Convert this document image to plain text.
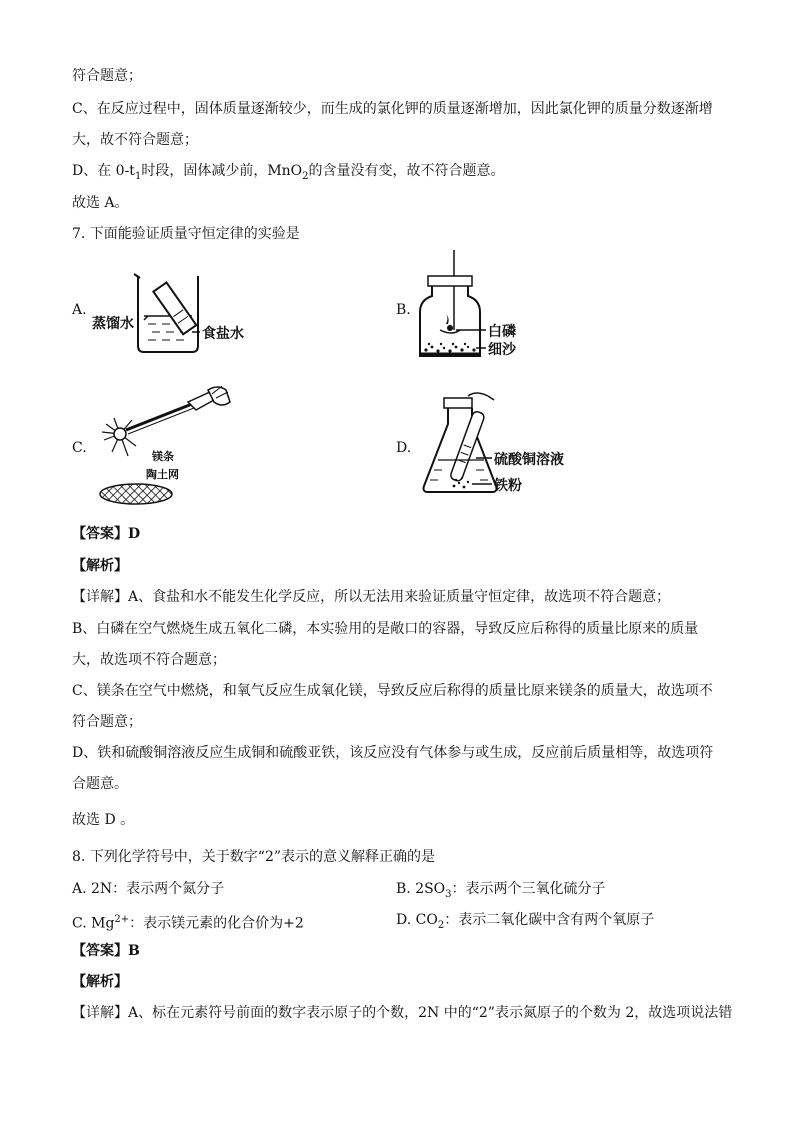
符合题意；
C、在反应过程中，固体质量逐渐较少，而生成的氯化钾的质量逐渐增加，因此氯化钾的质量分数逐渐增
大，故不符合题意；
D、在 $0-t_1$时段，固体减少前，MnO$_2$的含量没有变，故不符合题意。
故选 A。
7. 下面能验证质量守恒定律的实验是
A.
蒸馏水
食盐水
B.
白磷
细沙
C.
镁条
陶土网
D.
硫酸铜溶液
铁粉
【答案】D
【解析】
【详解】A、食盐和水不能发生化学反应，所以无法用来验证质量守恒定律，故选项不符合题意；
B、白磷在空气燃烧生成五氧化二磷，本实验用的是敞口的容器，导致反应后称得的质量比原来的质量
大，故选项不符合题意；
C、镁条在空气中燃烧，和氧气反应生成氧化镁，导致反应后称得的质量比原来镁条的质量大，故选项不
符合题意；
D、铁和硫酸铜溶液反应生成铜和硫酸亚铁，该反应没有气体参与或生成，反应前后质量相等，故选项符
合题意。
故选 D 。
8. 下列化学符号中，关于数字“2”表示的意义解释正确的是
A. 2N：表示两个氮分子	B. $2SO_3$：表示两个三氧化硫分子
C. $Mg^{2+}$：表示镁元素的化合价为+2	D. $CO_2$：表示二氧化碳中含有两个氧原子
【答案】B
【解析】
【详解】A、标在元素符号前面的数字表示原子的个数，2N 中的“2”表示氮原子的个数为 2，故选项说法错
